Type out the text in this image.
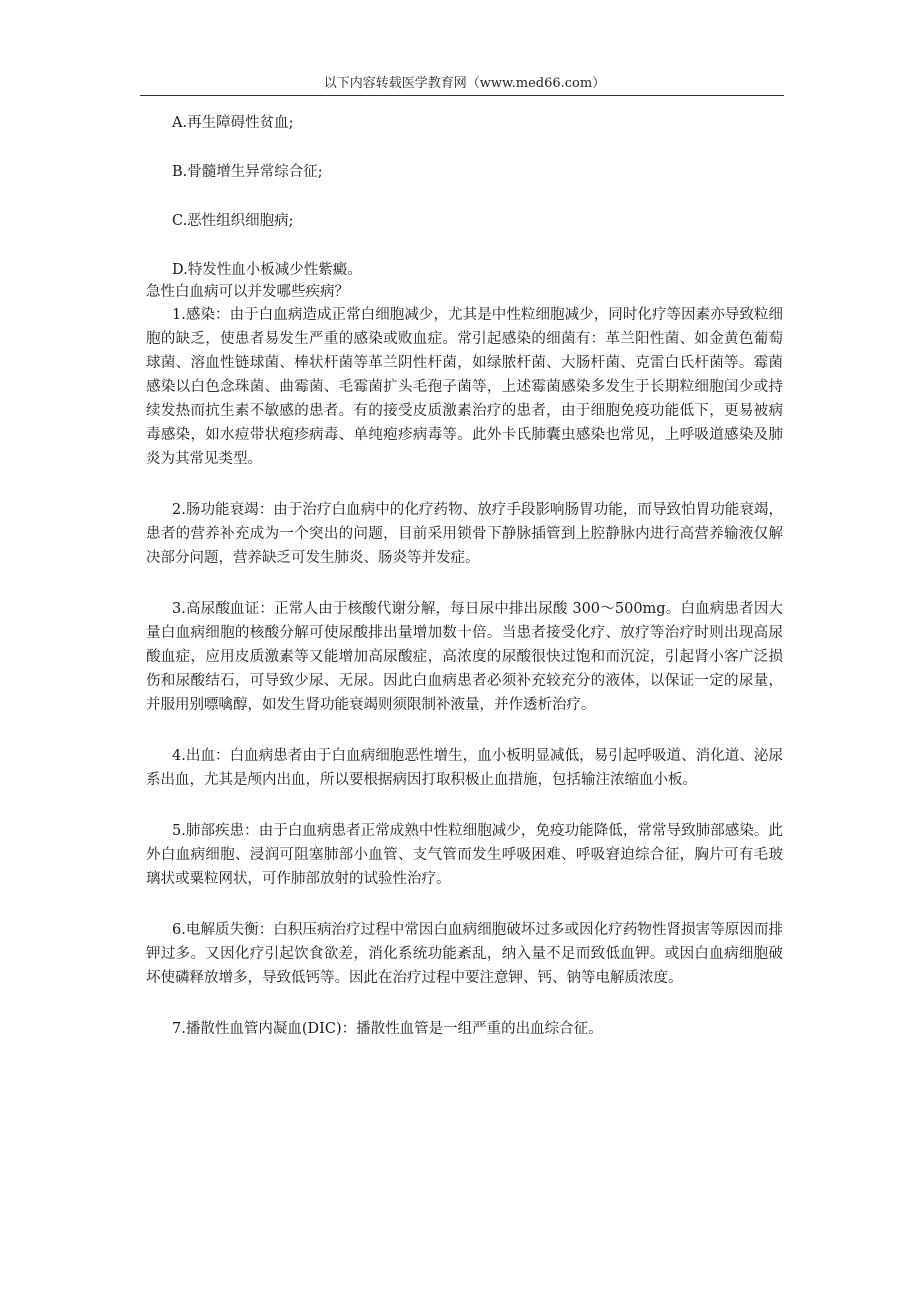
以下内容转载医学教育网（www.med66.com）

A.再生障碍性贫血;

B.骨髓增生异常综合征;

C.恶性组织细胞病;

D.特发性血小板减少性紫癜。

急性白血病可以并发哪些疾病？

1.感染：由于白血病造成正常白细胞减少，尤其是中性粒细胞减少，同时化疗等因素亦导致粒细胞的缺乏，使患者易发生严重的感染或败血症。常引起感染的细菌有：革兰阳性菌、如金黄色葡萄球菌、溶血性链球菌、棒状杆菌等革兰阴性杆菌，如绿脓杆菌、大肠杆菌、克雷白氏杆菌等。霉菌感染以白色念珠菌、曲霉菌、毛霉菌扩头毛孢子菌等，上述霉菌感染多发生于长期粒细胞闰少或持续发热而抗生素不敏感的患者。有的接受皮质激素治疗的患者，由于细胞免疫功能低下，更易被病毒感染，如水痘带状疱疹病毒、单纯疱疹病毒等。此外卡氏肺囊虫感染也常见，上呼吸道感染及肺炎为其常见类型。

2.肠功能衰竭：由于治疗白血病中的化疗药物、放疗手段影响肠胃功能，而导致怕胃功能衰竭，患者的营养补充成为一个突出的问题，目前采用锁骨下静脉插管到上腔静脉内进行高营养输液仅解决部分问题，营养缺乏可发生肺炎、肠炎等并发症。

3.高尿酸血证：正常人由于核酸代谢分解，每日尿中排出尿酸 300～500mg。白血病患者因大量白血病细胞的核酸分解可使尿酸排出量增加数十倍。当患者接受化疗、放疗等治疗时则出现高尿酸血症，应用皮质激素等又能增加高尿酸症，高浓度的尿酸很快过饱和而沉淀，引起肾小客广泛损伤和尿酸结石，可导致少尿、无尿。因此白血病患者必须补充较充分的液体，以保证一定的尿量，并服用别嘌噙醇，如发生肾功能衰竭则须限制补液量，并作透析治疗。

4.出血：白血病患者由于白血病细胞恶性增生，血小板明显减低，易引起呼吸道、消化道、泌尿系出血，尤其是颅内出血，所以要根据病因打取积极止血措施，包括输注浓缩血小板。

5.肺部疾患：由于白血病患者正常成熟中性粒细胞减少，免疫功能降低，常常导致肺部感染。此外白血病细胞、浸润可阻塞肺部小血管、支气管而发生呼吸困难、呼吸窘迫综合征，胸片可有毛玻璃状或粟粒网状，可作肺部放射的试验性治疗。

6.电解质失衡：白积压病治疗过程中常因白血病细胞破坏过多或因化疗药物性肾损害等原因而排钾过多。又因化疗引起饮食欲差，消化系统功能紊乱，纳入量不足而致低血钾。或因白血病细胞破坏使磷释放增多，导致低钙等。因此在治疗过程中要注意钾、钙、钠等电解质浓度。

7.播散性血管内凝血(DIC)：播散性血管是一组严重的出血综合征。
